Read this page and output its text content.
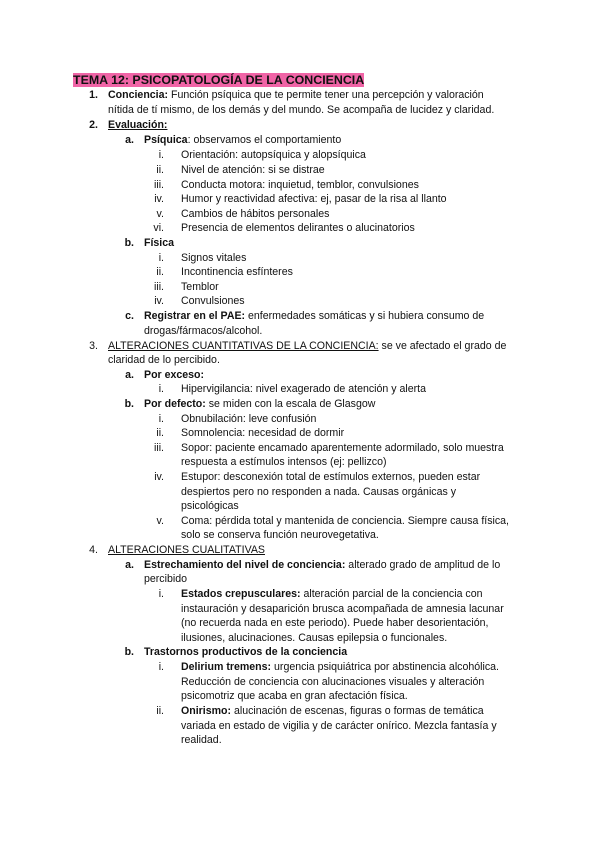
TEMA 12: PSICOPATOLOGÍA DE LA CONCIENCIA
1. Conciencia: Función psíquica que te permite tener una percepción y valoración
nítida de tí mismo, de los demás y del mundo. Se acompaña de lucidez y claridad.
2. Evaluación:
a. Psíquica: observamos el comportamiento
i. Orientación: autopsíquica y alopsíquica
ii. Nivel de atención: si se distrae
iii. Conducta motora: inquietud, temblor, convulsiones
iv. Humor y reactividad afectiva: ej, pasar de la risa al llanto
v. Cambios de hábitos personales
vi. Presencia de elementos delirantes o alucinatorios
b. Física
i. Signos vitales
ii. Incontinencia esfínteres
iii. Temblor
iv. Convulsiones
c. Registrar en el PAE: enfermedades somáticas y si hubiera consumo de
drogas/fármacos/alcohol.
3. ALTERACIONES CUANTITATIVAS DE LA CONCIENCIA: se ve afectado el grado de
claridad de lo percibido.
a. Por exceso:
i. Hipervigilancia: nivel exagerado de atención y alerta
b. Por defecto: se miden con la escala de Glasgow
i. Obnubilación: leve confusión
ii. Somnolencia: necesidad de dormir
iii. Sopor: paciente encamado aparentemente adormilado, solo muestra
respuesta a estímulos intensos (ej: pellizco)
iv. Estupor: desconexión total de estímulos externos, pueden estar
despiertos pero no responden a nada. Causas orgánicas y
psicológicas
v. Coma: pérdida total y mantenida de conciencia. Siempre causa física,
solo se conserva función neurovegetativa.
4. ALTERACIONES CUALITATIVAS
a. Estrechamiento del nivel de conciencia: alterado grado de amplitud de lo
percibido
i. Estados crepusculares: alteración parcial de la conciencia con
instauración y desaparición brusca acompañada de amnesia lacunar
(no recuerda nada en este periodo). Puede haber desorientación,
ilusiones, alucinaciones. Causas epilepsia o funcionales.
b. Trastornos productivos de la conciencia
i. Delirium tremens: urgencia psiquiátrica por abstinencia alcohólica.
Reducción de conciencia con alucinaciones visuales y alteración
psicomotriz que acaba en gran afectación física.
ii. Onirismo: alucinación de escenas, figuras o formas de temática
variada en estado de vigilia y de carácter onírico. Mezcla fantasía y
realidad.
